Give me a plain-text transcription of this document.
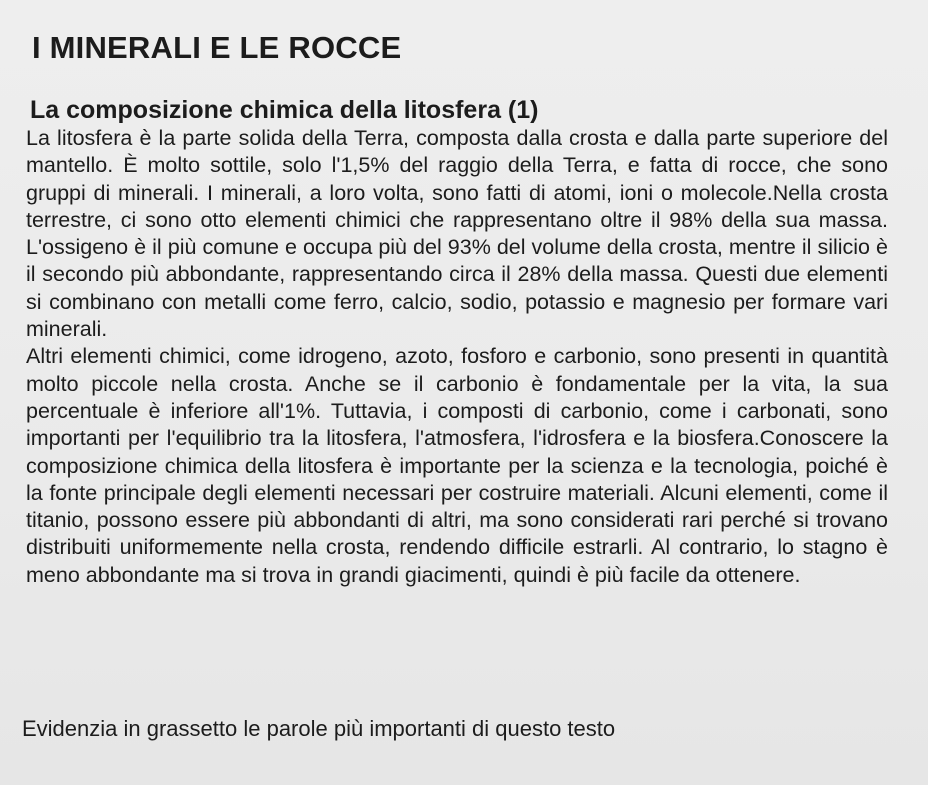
I MINERALI E LE ROCCE
La composizione chimica della litosfera (1)

La litosfera è la parte solida della Terra, composta dalla crosta e dalla parte superiore del mantello. È molto sottile, solo l'1,5% del raggio della Terra, e fatta di rocce, che sono gruppi di minerali. I minerali, a loro volta, sono fatti di atomi, ioni o molecole.Nella crosta terrestre, ci sono otto elementi chimici che rappresentano oltre il 98% della sua massa. L'ossigeno è il più comune e occupa più del 93% del volume della crosta, mentre il silicio è il secondo più abbondante, rappresentando circa il 28% della massa. Questi due elementi si combinano con metalli come ferro, calcio, sodio, potassio e magnesio per formare vari minerali.

Altri elementi chimici, come idrogeno, azoto, fosforo e carbonio, sono presenti in quantità molto piccole nella crosta. Anche se il carbonio è fondamentale per la vita, la sua percentuale è inferiore all'1%. Tuttavia, i composti di carbonio, come i carbonati, sono importanti per l'equilibrio tra la litosfera, l'atmosfera, l'idrosfera e la biosfera.Conoscere la composizione chimica della litosfera è importante per la scienza e la tecnologia, poiché è la fonte principale degli elementi necessari per costruire materiali. Alcuni elementi, come il titanio, possono essere più abbondanti di altri, ma sono considerati rari perché si trovano distribuiti uniformemente nella crosta, rendendo difficile estrarli. Al contrario, lo stagno è meno abbondante ma si trova in grandi giacimenti, quindi è più facile da ottenere.

Evidenzia in grassetto le parole più importanti di questo testo
